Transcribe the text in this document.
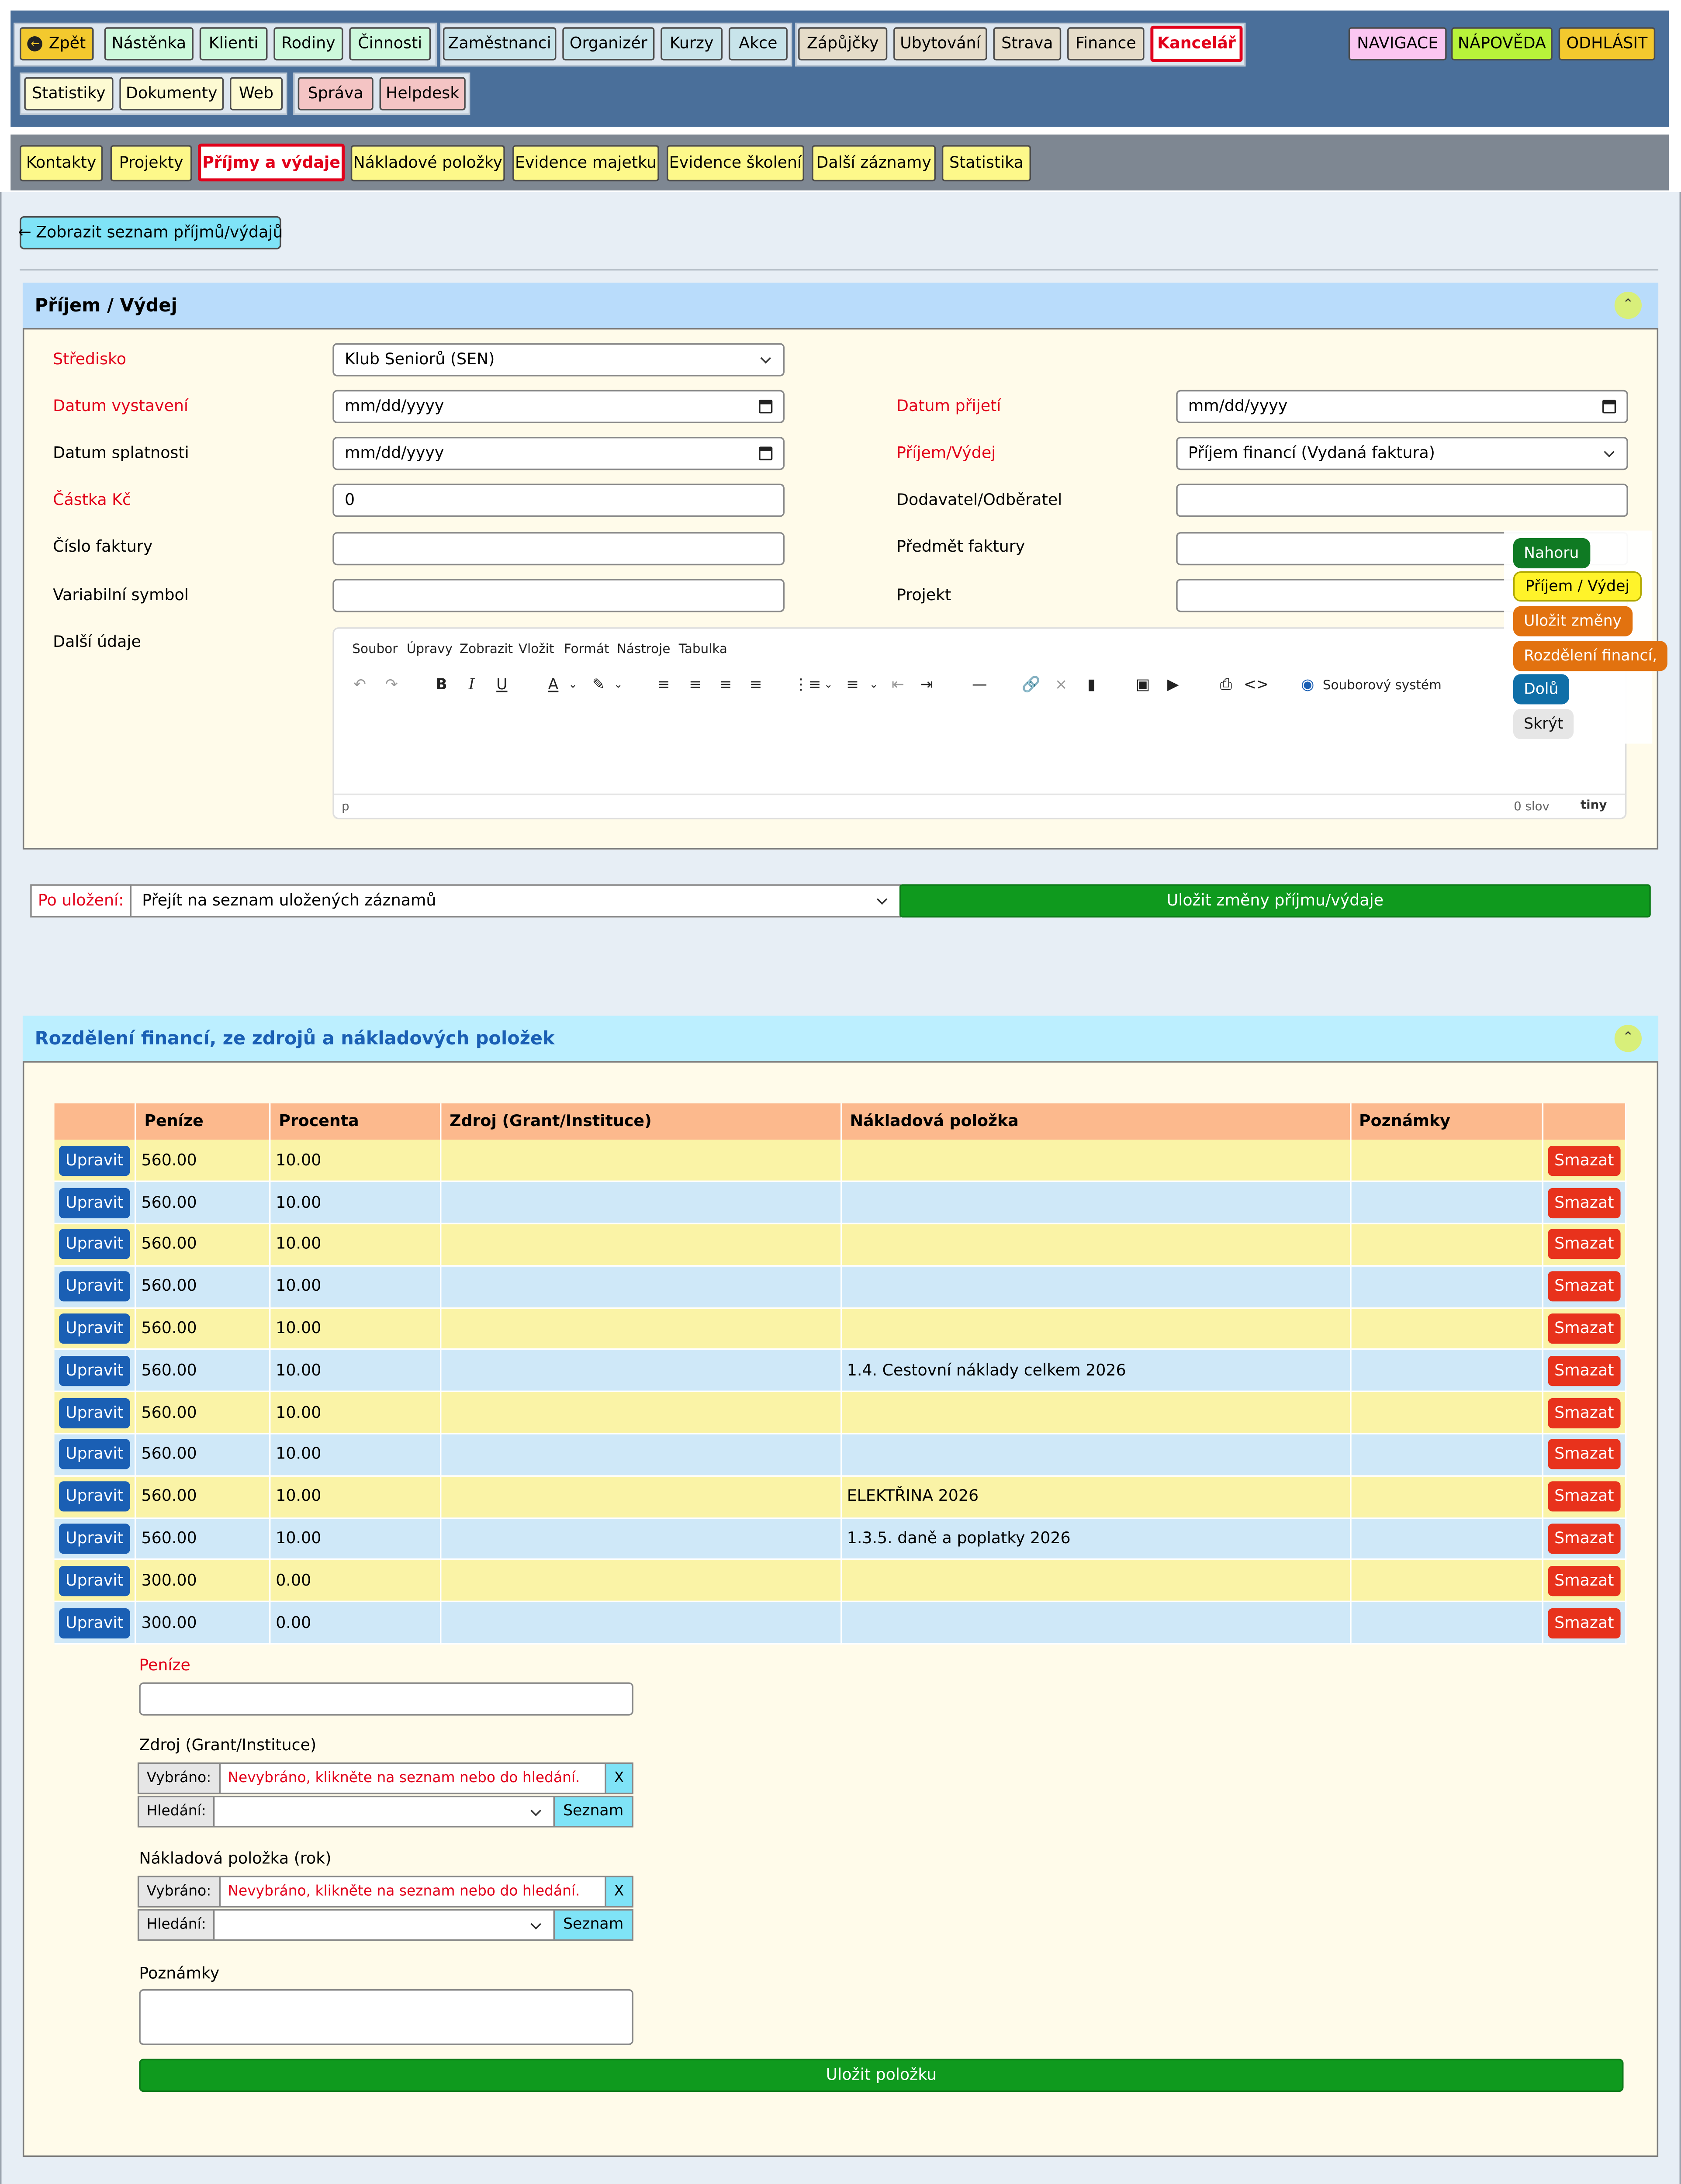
←	Zpět	Nástěnka	Klienti	Rodiny	Činnosti	Zaměstnanci	Organizér	Kurzy	Akce	Zápůjčky	Ubytování	Strava	Finance	Kancelář	NAVIGACE	NÁPOVĚDA	ODHLÁSIT
Statistiky	Dokumenty	Web	Správa	Helpdesk
Kontakty	Projekty	Příjmy a výdaje	Nákladové položky	Evidence majetku	Evidence školení	Další záznamy	Statistika
← Zobrazit seznam příjmů/výdajů
Příjem / Výdej	⌃
Středisko	Klub Seniorů (SEN)
Datum vystavení	mm/dd/yyyy	Datum přijetí	mm/dd/yyyy
Datum splatnosti	mm/dd/yyyy	Příjem/Výdej	Příjem financí (Vydaná faktura)
Částka Kč	0	Dodavatel/Odběratel
Číslo faktury	Předmět faktury
Variabilní symbol	Projekt
Další údaje	Soubor Úpravy Zobrazit Vložit	Formát Nástroje Tabulka
↶	↷	B	I	U	A	⌄	✎	⌄	≡	≡	≡	≡	⋮≡ ⌄	≡	⌄	⇤	⇥	—	🔗	⨯	▮	▣	▶	⎙	<>	◉	Souborový systém
p	0 slov	tiny
Nahoru
Příjem / Výdej
Uložit změny
Rozdělení financí,
Dolů
Skrýt
Po uložení:	Přejít na seznam uložených záznamů	Uložit změny příjmu/výdaje
Rozdělení financí, ze zdrojů a nákladových položek	⌃
	Peníze	Procenta	Zdroj (Grant/Instituce)	Nákladová položka	Poznámky	
Upravit	560.00	10.00				Smazat
Upravit	560.00	10.00				Smazat
Upravit	560.00	10.00				Smazat
Upravit	560.00	10.00				Smazat
Upravit	560.00	10.00				Smazat
Upravit	560.00	10.00		1.4. Cestovní náklady celkem 2026		Smazat
Upravit	560.00	10.00				Smazat
Upravit	560.00	10.00				Smazat
Upravit	560.00	10.00		ELEKTŘINA 2026		Smazat
Upravit	560.00	10.00		1.3.5. daně a poplatky 2026		Smazat
Upravit	300.00	0.00				Smazat
Upravit	300.00	0.00				Smazat
Peníze
Zdroj (Grant/Instituce)
Vybráno:	Nevybráno, klikněte na seznam nebo do hledání.	X
Hledání:	Seznam
Nákladová položka (rok)
Vybráno:	Nevybráno, klikněte na seznam nebo do hledání.	X
Hledání:	Seznam
Poznámky
Uložit položku
